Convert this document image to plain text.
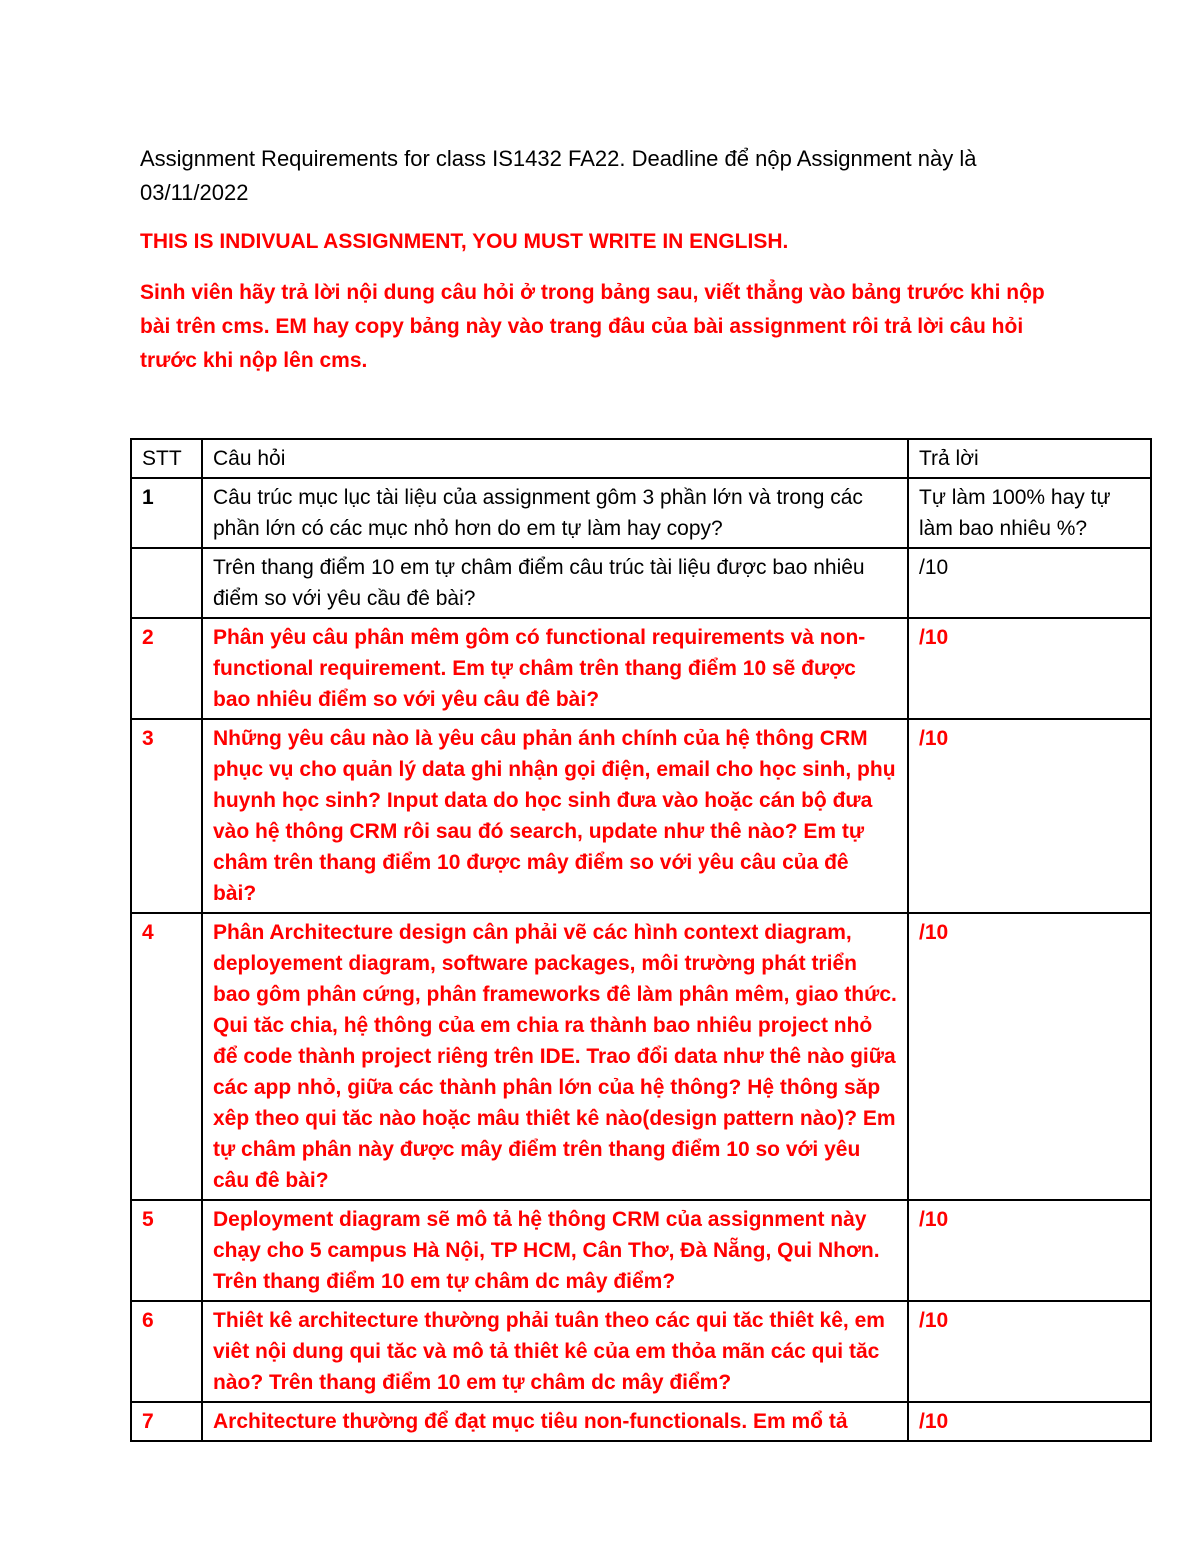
Assignment Requirements for class IS1432 FA22. Deadline để nộp Assignment này là 03/11/2022

THIS IS INDIVUAL ASSIGNMENT, YOU MUST WRITE IN ENGLISH.

Sinh viên hãy trả lời nội dung câu hỏi ở trong bảng sau, viết thẳng vào bảng trước khi nộp bài trên cms. EM hay copy bảng này vào trang đâu của bài assignment rôi trả lời câu hỏi trước khi nộp lên cms.

STT	Câu hỏi	Trả lời
1	Câu trúc mục lục tài liệu của assignment gôm 3 phần lớn và trong các phần lớn có các mục nhỏ hơn do em tự làm hay copy?	Tự làm 100% hay tự làm bao nhiêu %?
	Trên thang điểm 10 em tự châm điểm câu trúc tài liệu được bao nhiêu điểm so với yêu cầu đê bài?	/10
2	Phân yêu câu phân mêm gôm có functional requirements và non-functional requirement. Em tự châm trên thang điểm 10 sẽ được bao nhiêu điểm so với yêu câu đê bài?	/10
3	Những yêu câu nào là yêu câu phản ánh chính của hệ thông CRM phục vụ cho quản lý data ghi nhận gọi điện, email cho học sinh, phụ huynh học sinh? Input data do học sinh đưa vào hoặc cán bộ đưa vào hệ thông CRM rôi sau đó search, update như thê nào? Em tự châm trên thang điểm 10 được mây điểm so với yêu câu của đê bài?	/10
4	Phân Architecture design cân phải vẽ các hình context diagram, deployement diagram, software packages, môi trường phát triển bao gôm phân cứng, phân frameworks đê làm phân mêm, giao thức. Qui tăc chia, hệ thông của em chia ra thành bao nhiêu project nhỏ để code thành project riêng trên IDE. Trao đổi data như thê nào giữa các app nhỏ, giữa các thành phân lớn của hệ thông? Hệ thông săp xêp theo qui tăc nào hoặc mâu thiêt kê nào(design pattern nào)? Em tự châm phân này được mây điểm trên thang điểm 10 so với yêu câu đê bài?	/10
5	Deployment diagram sẽ mô tả hệ thông CRM của assignment này chạy cho 5 campus Hà Nội, TP HCM, Cân Thơ, Đà Nẵng, Qui Nhơn. Trên thang điểm 10 em tự châm dc mây điểm?	/10
6	Thiêt kê architecture thường phải tuân theo các qui tăc thiêt kê, em viêt nội dung qui tăc và mô tả thiêt kê của em thỏa mãn các qui tăc nào? Trên thang điểm 10 em tự châm dc mây điểm?	/10
7	Architecture thường để đạt mục tiêu non-functionals. Em mổ tả	/10
